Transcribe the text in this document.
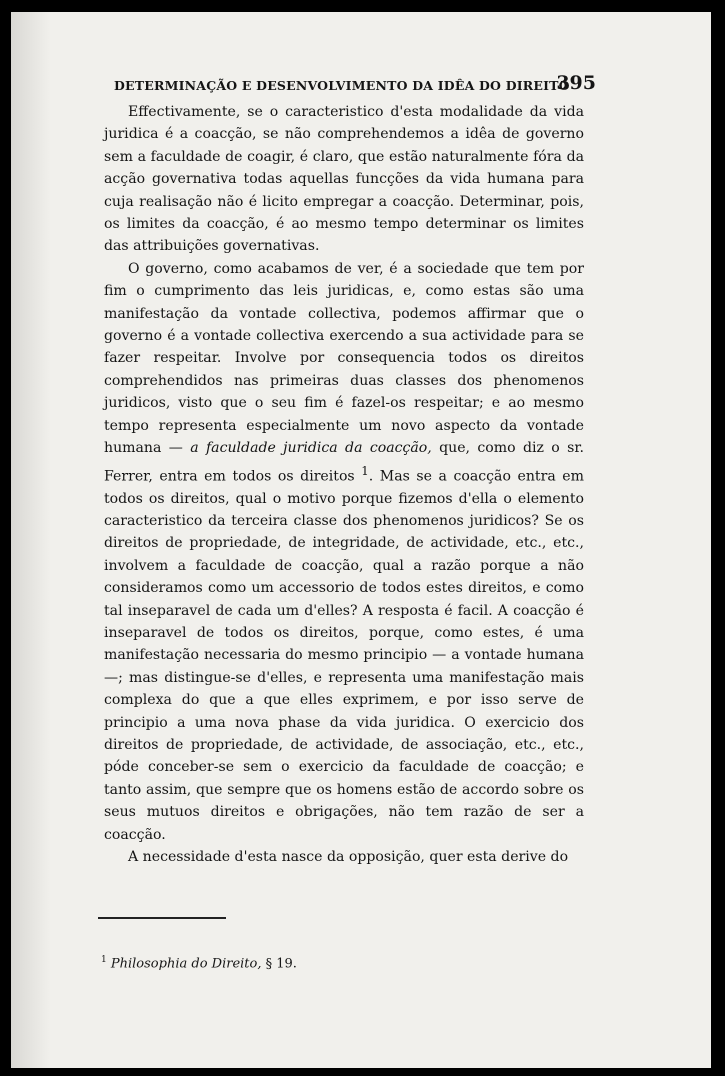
DETERMINAÇÃO E DESENVOLVIMENTO DA IDÊA DO DIREITO
395

Effectivamente, se o caracteristico d'esta modalidade da vida juridica é a coacção, se não comprehendemos a idêa de governo sem a faculdade de coagir, é claro, que estão naturalmente fóra da acção governativa todas aquellas funcções da vida humana para cuja realisação não é licito empregar a coacção. Determinar, pois, os limites da coacção, é ao mesmo tempo determinar os limites das attribuições governativas.

O governo, como acabamos de ver, é a sociedade que tem por fim o cumprimento das leis juridicas, e, como estas são uma manifestação da vontade collectiva, podemos affirmar que o governo é a vontade collectiva exercendo a sua actividade para se fazer respeitar. Involve por consequencia todos os direitos comprehendidos nas primeiras duas classes dos phenomenos juridicos, visto que o seu fim é fazel-os respeitar; e ao mesmo tempo representa especialmente um novo aspecto da vontade humana — a faculdade juridica da coacção, que, como diz o sr. Ferrer, entra em todos os direitos $^1$. Mas se a coacção entra em todos os direitos, qual o motivo porque fizemos d'ella o elemento caracteristico da terceira classe dos phenomenos juridicos? Se os direitos de propriedade, de integridade, de actividade, etc., etc., involvem a faculdade de coacção, qual a razão porque a não consideramos como um accessorio de todos estes direitos, e como tal inseparavel de cada um d'elles? A resposta é facil. A coacção é inseparavel de todos os direitos, porque, como estes, é uma manifestação necessaria do mesmo principio — a vontade humana —; mas distingue-se d'elles, e representa uma manifestação mais complexa do que a que elles exprimem, e por isso serve de principio a uma nova phase da vida juridica. O exercicio dos direitos de propriedade, de actividade, de associação, etc., etc., póde conceber-se sem o exercicio da faculdade de coacção; e tanto assim, que sempre que os homens estão de accordo sobre os seus mutuos direitos e obrigações, não tem razão de ser a coacção.

A necessidade d'esta nasce da opposição, quer esta derive do

$^1$ Philosophia do Direito, § 19.
